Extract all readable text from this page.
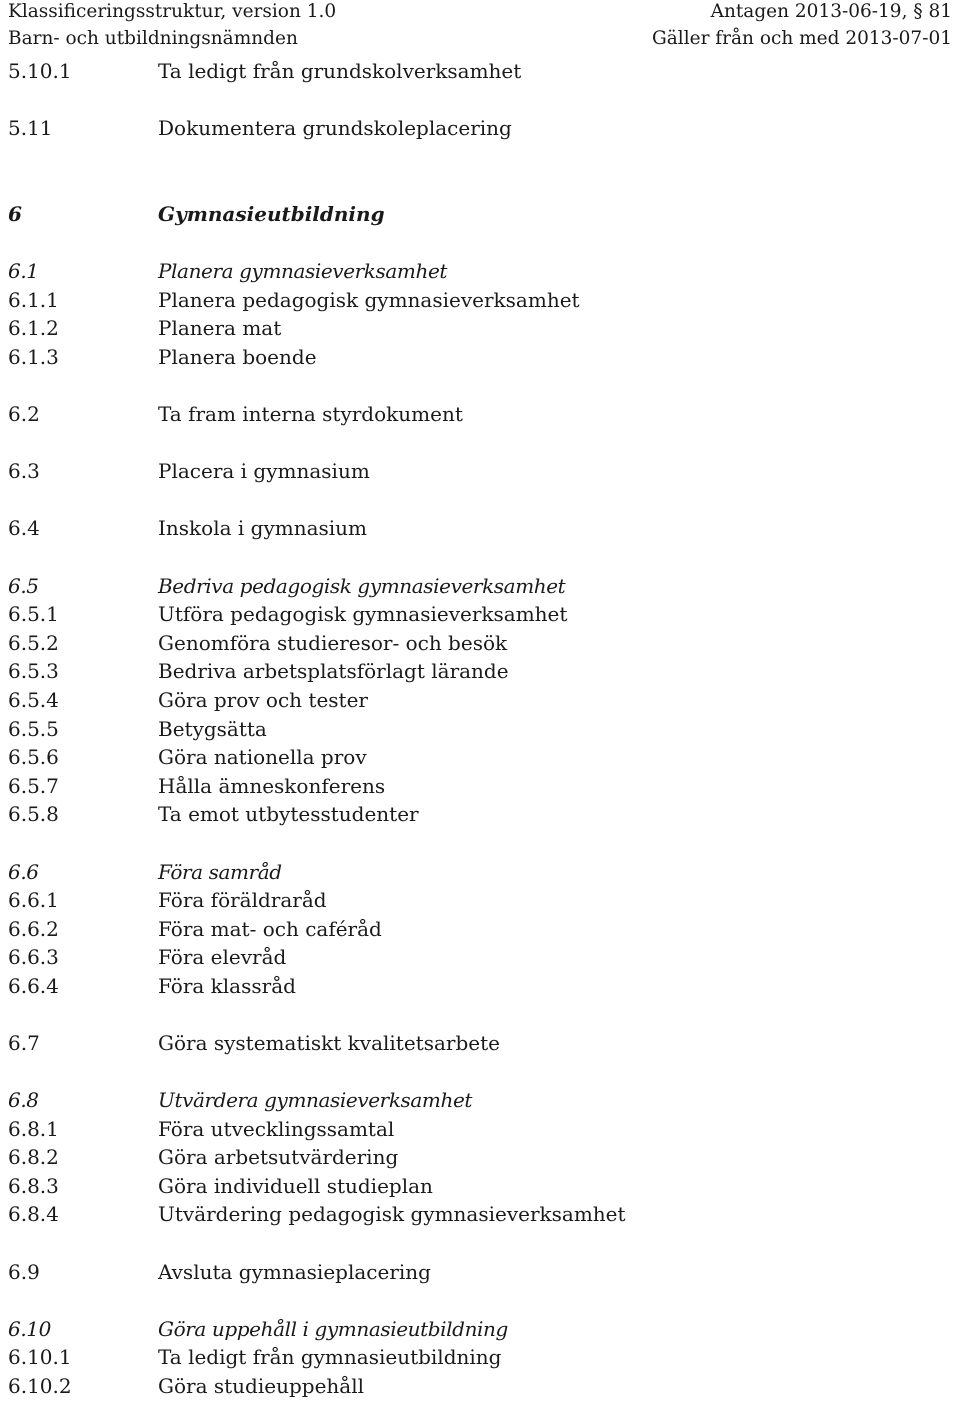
Klassificeringsstruktur, version 1.0	Antagen 2013-06-19, § 81
Barn- och utbildningsnämnden	Gäller från och med 2013-07-01
5.10.1	Ta ledigt från grundskolverksamhet
5.11	Dokumentera grundskoleplacering
6	Gymnasieutbildning
6.1	Planera gymnasieverksamhet
6.1.1	Planera pedagogisk gymnasieverksamhet
6.1.2	Planera mat
6.1.3	Planera boende
6.2	Ta fram interna styrdokument
6.3	Placera i gymnasium
6.4	Inskola i gymnasium
6.5	Bedriva pedagogisk gymnasieverksamhet
6.5.1	Utföra pedagogisk gymnasieverksamhet
6.5.2	Genomföra studieresor- och besök
6.5.3	Bedriva arbetsplatsförlagt lärande
6.5.4	Göra prov och tester
6.5.5	Betygsätta
6.5.6	Göra nationella prov
6.5.7	Hålla ämneskonferens
6.5.8	Ta emot utbytesstudenter
6.6	Föra samråd
6.6.1	Föra föräldraråd
6.6.2	Föra mat- och caféråd
6.6.3	Föra elevråd
6.6.4	Föra klassråd
6.7	Göra systematiskt kvalitetsarbete
6.8	Utvärdera gymnasieverksamhet
6.8.1	Föra utvecklingssamtal
6.8.2	Göra arbetsutvärdering
6.8.3	Göra individuell studieplan
6.8.4	Utvärdering pedagogisk gymnasieverksamhet
6.9	Avsluta gymnasieplacering
6.10	Göra uppehåll i gymnasieutbildning
6.10.1	Ta ledigt från gymnasieutbildning
6.10.2	Göra studieuppehåll
